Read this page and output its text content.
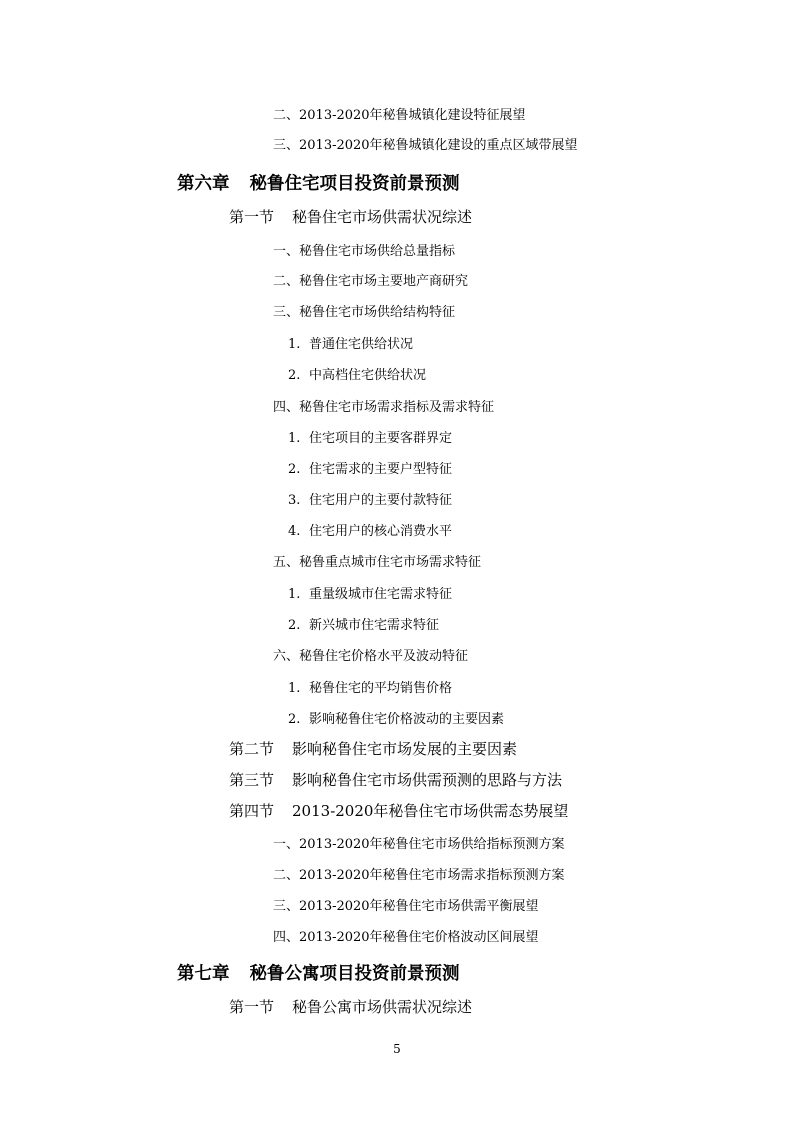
二、2013-2020年秘鲁城镇化建设特征展望
三、2013-2020年秘鲁城镇化建设的重点区域带展望
第六章 秘鲁住宅项目投资前景预测
第一节 秘鲁住宅市场供需状况综述
一、秘鲁住宅市场供给总量指标
二、秘鲁住宅市场主要地产商研究
三、秘鲁住宅市场供给结构特征
1. 普通住宅供给状况
2. 中高档住宅供给状况
四、秘鲁住宅市场需求指标及需求特征
1. 住宅项目的主要客群界定
2. 住宅需求的主要户型特征
3. 住宅用户的主要付款特征
4. 住宅用户的核心消费水平
五、秘鲁重点城市住宅市场需求特征
1. 重量级城市住宅需求特征
2. 新兴城市住宅需求特征
六、秘鲁住宅价格水平及波动特征
1. 秘鲁住宅的平均销售价格
2. 影响秘鲁住宅价格波动的主要因素
第二节 影响秘鲁住宅市场发展的主要因素
第三节 影响秘鲁住宅市场供需预测的思路与方法
第四节 2013-2020年秘鲁住宅市场供需态势展望
一、2013-2020年秘鲁住宅市场供给指标预测方案
二、2013-2020年秘鲁住宅市场需求指标预测方案
三、2013-2020年秘鲁住宅市场供需平衡展望
四、2013-2020年秘鲁住宅价格波动区间展望
第七章 秘鲁公寓项目投资前景预测
第一节 秘鲁公寓市场供需状况综述
5
